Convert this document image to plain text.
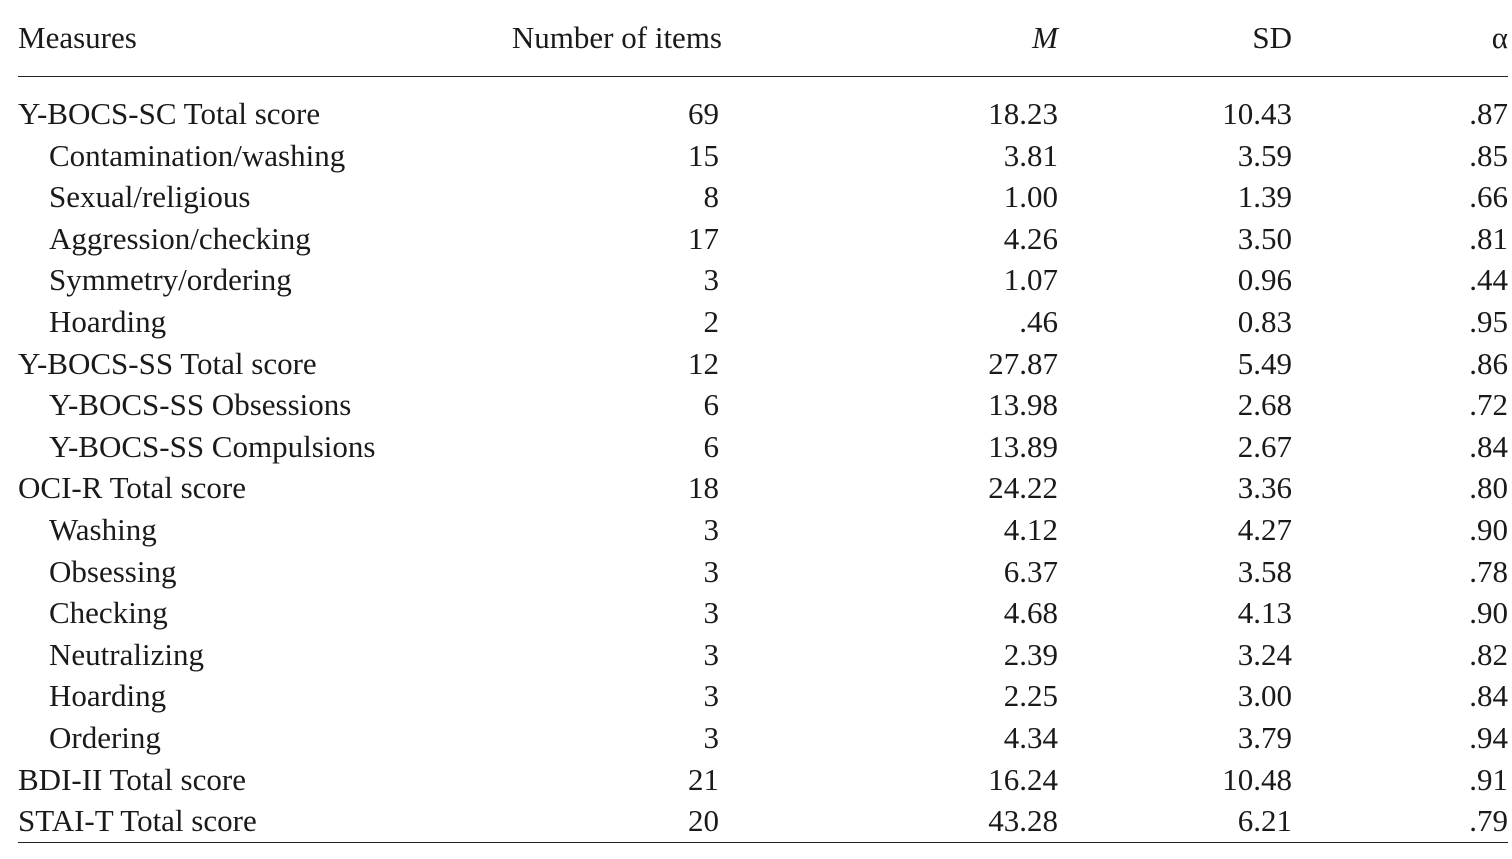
Measures	Number of items	M	SD	α
Y-BOCS-SC Total score	69	18.23	10.43	.87
Contamination/washing	15	3.81	3.59	.85
Sexual/religious	8	1.00	1.39	.66
Aggression/checking	17	4.26	3.50	.81
Symmetry/ordering	3	1.07	0.96	.44
Hoarding	2	.46	0.83	.95
Y-BOCS-SS Total score	12	27.87	5.49	.86
Y-BOCS-SS Obsessions	6	13.98	2.68	.72
Y-BOCS-SS Compulsions	6	13.89	2.67	.84
OCI-R Total score	18	24.22	3.36	.80
Washing	3	4.12	4.27	.90
Obsessing	3	6.37	3.58	.78
Checking	3	4.68	4.13	.90
Neutralizing	3	2.39	3.24	.82
Hoarding	3	2.25	3.00	.84
Ordering	3	4.34	3.79	.94
BDI-II Total score	21	16.24	10.48	.91
STAI-T Total score	20	43.28	6.21	.79
